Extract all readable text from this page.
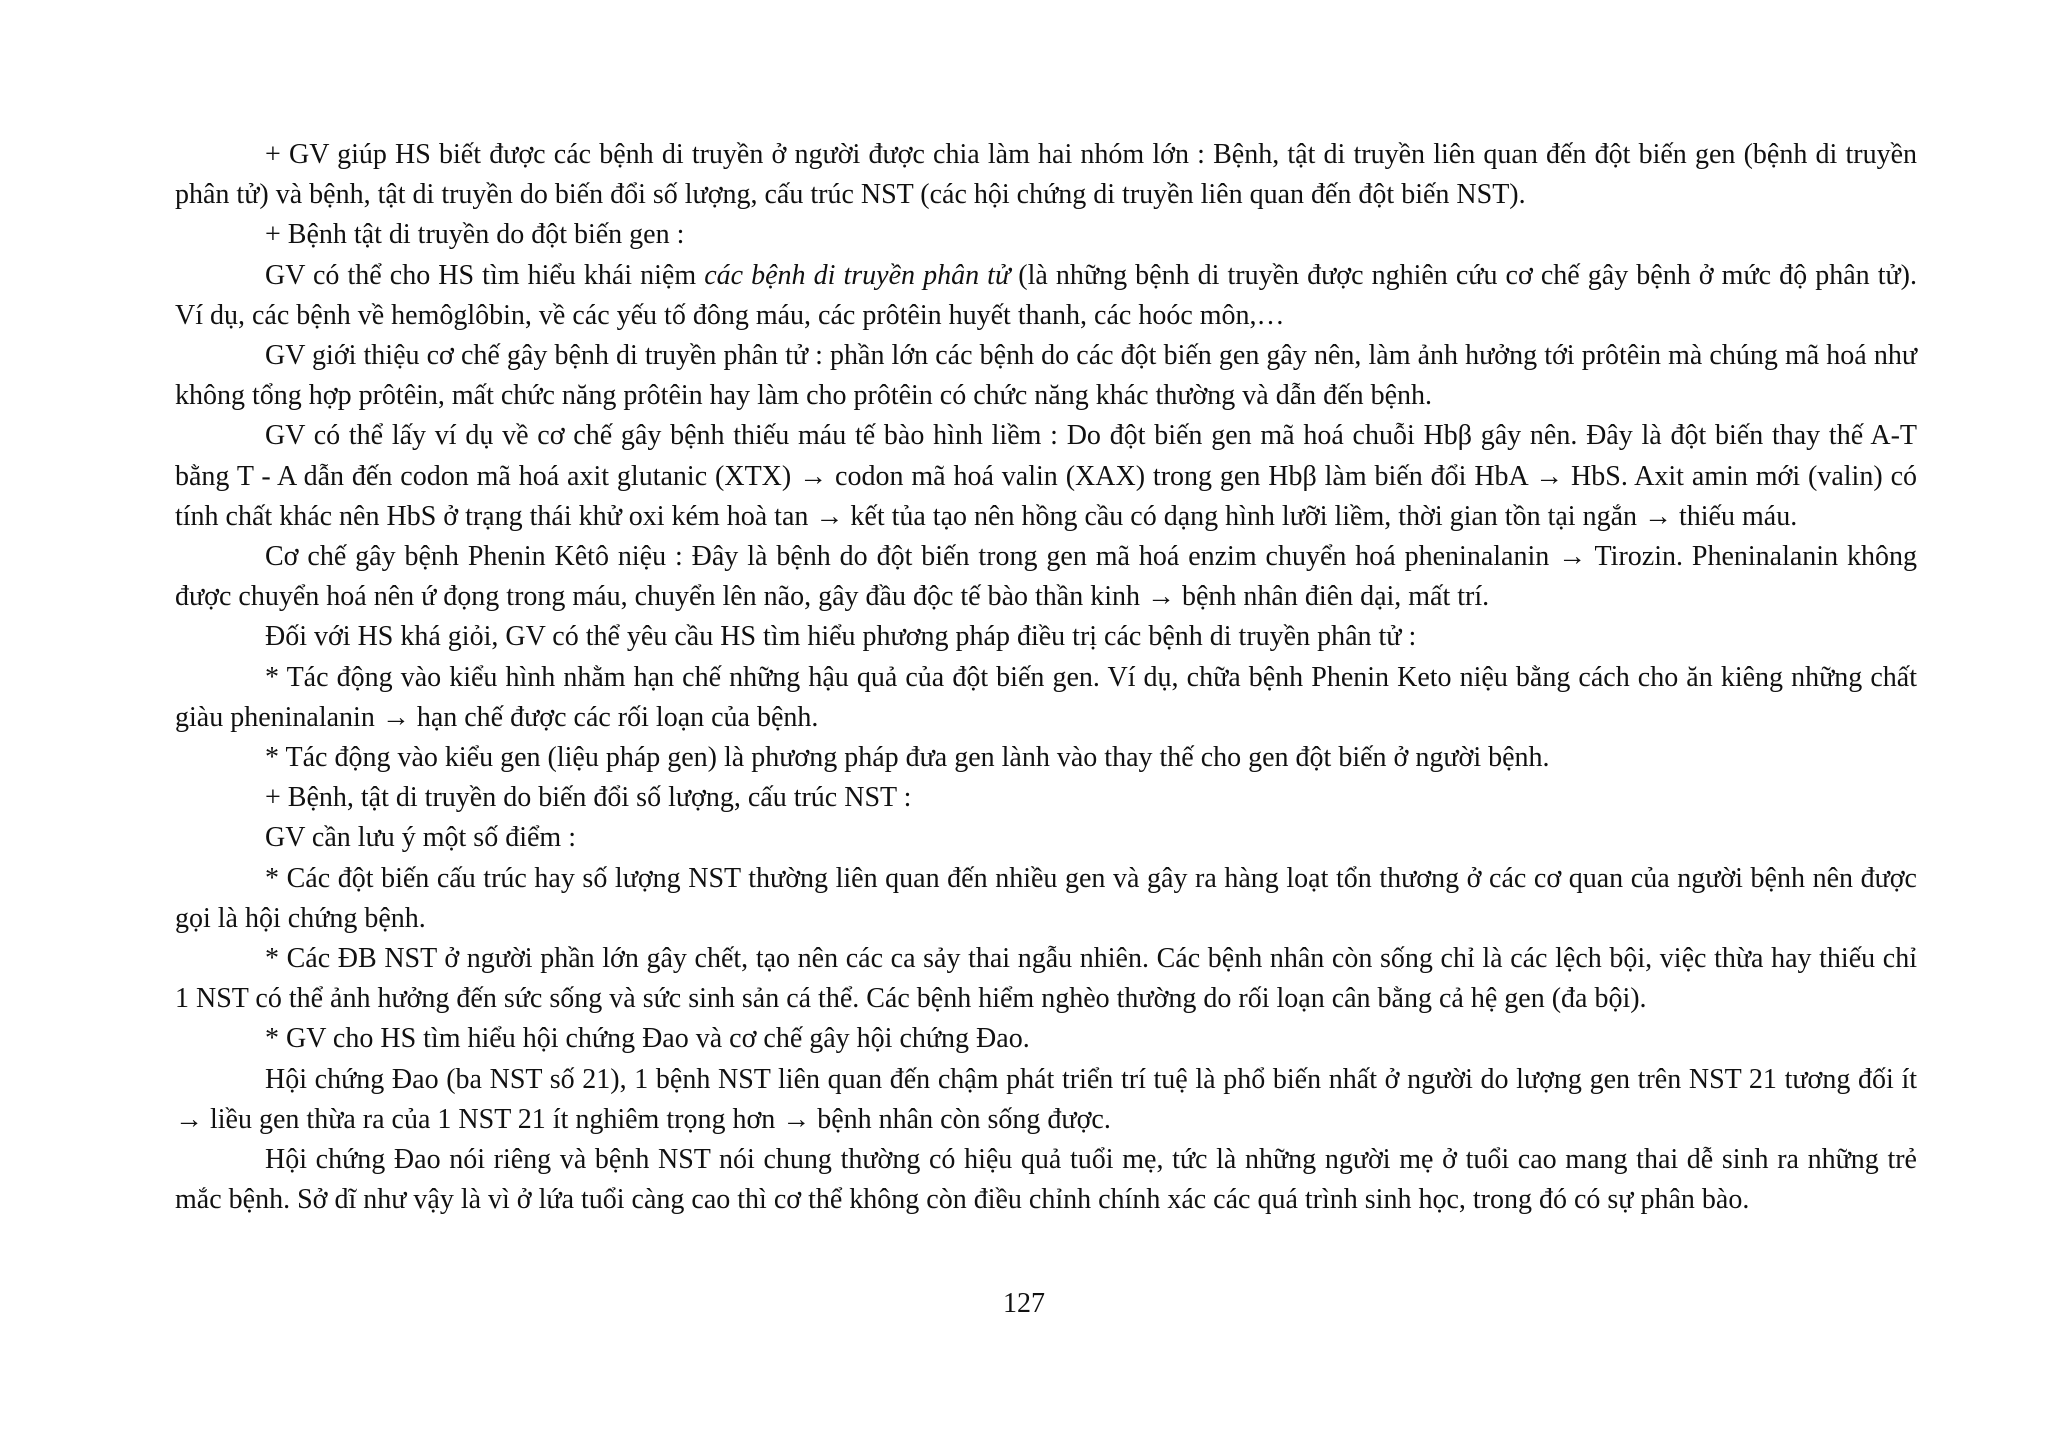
+ GV giúp HS biết được các bệnh di truyền ở người được chia làm hai nhóm lớn : Bệnh, tật di truyền liên quan đến đột biến gen (bệnh di truyền phân tử) và bệnh, tật di truyền do biến đổi số lượng, cấu trúc NST (các hội chứng di truyền liên quan đến đột biến NST).

+ Bệnh tật di truyền do đột biến gen :

GV có thể cho HS tìm hiểu khái niệm các bệnh di truyền phân tử (là những bệnh di truyền được nghiên cứu cơ chế gây bệnh ở mức độ phân tử). Ví dụ, các bệnh về hemôglôbin, về các yếu tố đông máu, các prôtêin huyết thanh, các hoóc môn,…

GV giới thiệu cơ chế gây bệnh di truyền phân tử : phần lớn các bệnh do các đột biến gen gây nên, làm ảnh hưởng tới prôtêin mà chúng mã hoá như không tổng hợp prôtêin, mất chức năng prôtêin hay làm cho prôtêin có chức năng khác thường và dẫn đến bệnh.

GV có thể lấy ví dụ về cơ chế gây bệnh thiếu máu tế bào hình liềm : Do đột biến gen mã hoá chuỗi Hbβ gây nên. Đây là đột biến thay thế A-T bằng T - A dẫn đến codon mã hoá axit glutanic (XTX) → codon mã hoá valin (XAX) trong gen Hbβ làm biến đổi HbA → HbS. Axit amin mới (valin) có tính chất khác nên HbS ở trạng thái khử oxi kém hoà tan → kết tủa tạo nên hồng cầu có dạng hình lưỡi liềm, thời gian tồn tại ngắn → thiếu máu.

Cơ chế gây bệnh Phenin Kêtô niệu : Đây là bệnh do đột biến trong gen mã hoá enzim chuyển hoá pheninalanin → Tirozin. Pheninalanin không được chuyển hoá nên ứ đọng trong máu, chuyển lên não, gây đầu độc tế bào thần kinh → bệnh nhân điên dại, mất trí.

Đối với HS khá giỏi, GV có thể yêu cầu HS tìm hiểu phương pháp điều trị các bệnh di truyền phân tử :

* Tác động vào kiểu hình nhằm hạn chế những hậu quả của đột biến gen. Ví dụ, chữa bệnh Phenin Keto niệu bằng cách cho ăn kiêng những chất giàu pheninalanin → hạn chế được các rối loạn của bệnh.

* Tác động vào kiểu gen (liệu pháp gen) là phương pháp đưa gen lành vào thay thế cho gen đột biến ở người bệnh.

+ Bệnh, tật di truyền do biến đổi số lượng, cấu trúc NST :

GV cần lưu ý một số điểm :

* Các đột biến cấu trúc hay số lượng NST thường liên quan đến nhiều gen và gây ra hàng loạt tổn thương ở các cơ quan của người bệnh nên được gọi là hội chứng bệnh.

* Các ĐB NST ở người phần lớn gây chết, tạo nên các ca sảy thai ngẫu nhiên. Các bệnh nhân còn sống chỉ là các lệch bội, việc thừa hay thiếu chỉ 1 NST có thể ảnh hưởng đến sức sống và sức sinh sản cá thể. Các bệnh hiểm nghèo thường do rối loạn cân bằng cả hệ gen (đa bội).

* GV cho HS tìm hiểu hội chứng Đao và cơ chế gây hội chứng Đao.

Hội chứng Đao (ba NST số 21), 1 bệnh NST liên quan đến chậm phát triển trí tuệ là phổ biến nhất ở người do lượng gen trên NST 21 tương đối ít → liều gen thừa ra của 1 NST 21 ít nghiêm trọng hơn → bệnh nhân còn sống được.

Hội chứng Đao nói riêng và bệnh NST nói chung thường có hiệu quả tuổi mẹ, tức là những người mẹ ở tuổi cao mang thai dễ sinh ra những trẻ mắc bệnh. Sở dĩ như vậy là vì ở lứa tuổi càng cao thì cơ thể không còn điều chỉnh chính xác các quá trình sinh học, trong đó có sự phân bào.

127
